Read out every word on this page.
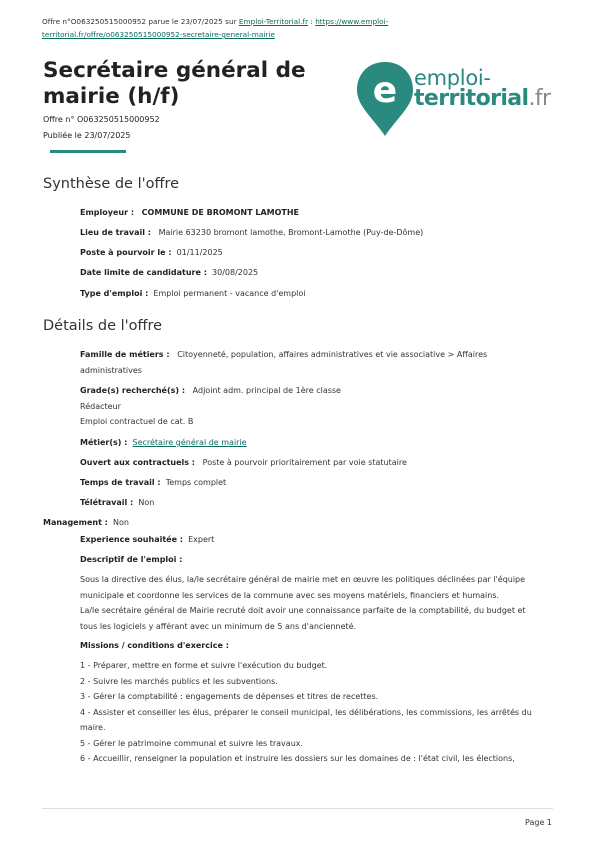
Offre n°O063250515000952 parue le 23/07/2025 sur Emploi-Territorial.fr : https://www.emploi-
territorial.fr/offre/o063250515000952-secretaire-general-mairie
Secrétaire général de
mairie (h/f)
Offre n° O063250515000952
Publiée le 23/07/2025
e emploi-
territorial.fr
Synthèse de l'offre
Employeur : COMMUNE DE BROMONT LAMOTHE
Lieu de travail : Mairie 63230 bromont lamothe, Bromont-Lamothe (Puy-de-Dôme)
Poste à pourvoir le : 01/11/2025
Date limite de candidature : 30/08/2025
Type d'emploi : Emploi permanent - vacance d'emploi
Détails de l'offre
Famille de métiers : Citoyenneté, population, affaires administratives et vie associative > Affaires
administratives
Grade(s) recherché(s) : Adjoint adm. principal de 1ère classe
Rédacteur
Emploi contractuel de cat. B
Métier(s) : Secrétaire général de mairie
Ouvert aux contractuels : Poste à pourvoir prioritairement par voie statutaire
Temps de travail : Temps complet
Télétravail : Non
Management : Non
Experience souhaitée : Expert
Descriptif de l'emploi :
Sous la directive des élus, la/le secrétaire général de mairie met en œuvre les politiques déclinées par l'équipe
municipale et coordonne les services de la commune avec ses moyens matériels, financiers et humains.
La/le secrétaire général de Mairie recruté doit avoir une connaissance parfaite de la comptabilité, du budget et
tous les logiciels y afférant avec un minimum de 5 ans d'ancienneté.
Missions / conditions d'exercice :
1 - Préparer, mettre en forme et suivre l'exécution du budget.
2 - Suivre les marchés publics et les subventions.
3 - Gérer la comptabilité : engagements de dépenses et titres de recettes.
4 - Assister et conseiller les élus, préparer le conseil municipal, les délibérations, les commissions, les arrêtés du
maire.
5 - Gérer le patrimoine communal et suivre les travaux.
6 - Accueillir, renseigner la population et instruire les dossiers sur les domaines de : l'état civil, les élections,
Page 1
